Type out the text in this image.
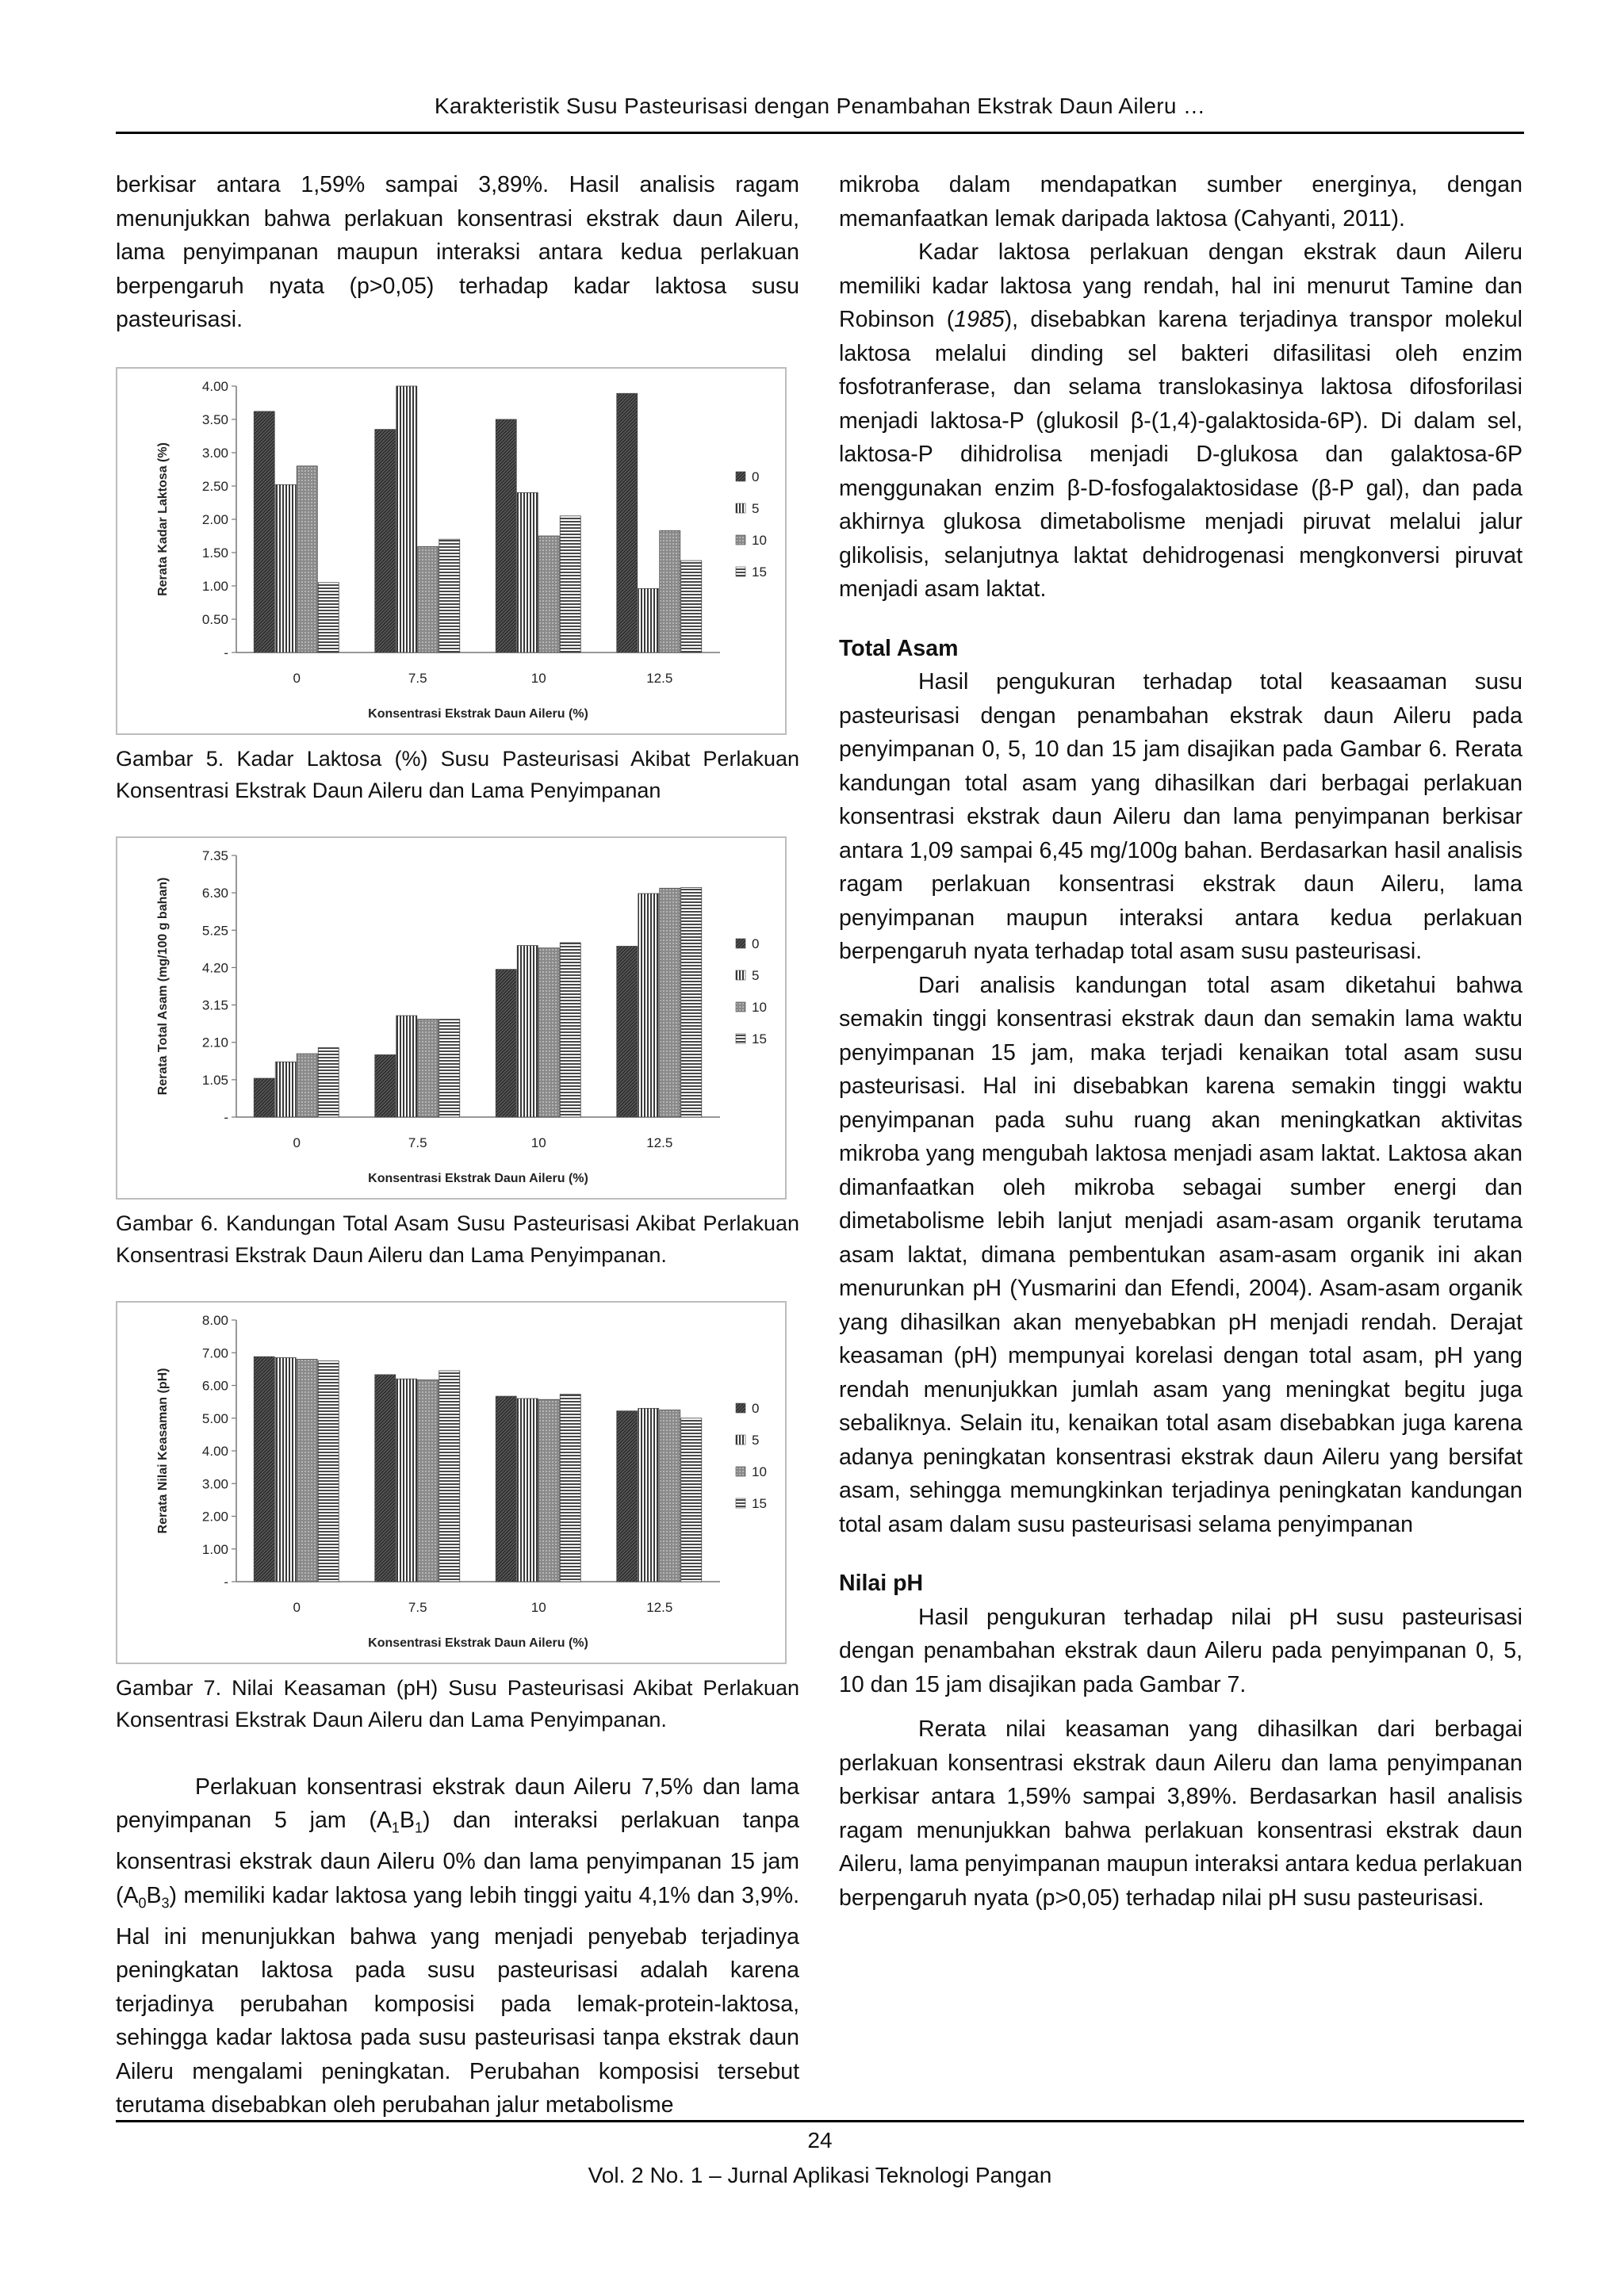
Karakteristik Susu Pasteurisasi dengan Penambahan Ekstrak Daun Aileru …

berkisar antara 1,59% sampai 3,89%. Hasil analisis ragam menunjukkan bahwa perlakuan konsentrasi ekstrak daun Aileru, lama penyimpanan maupun interaksi antara kedua perlakuan berpengaruh nyata (p>0,05) terhadap kadar laktosa susu pasteurisasi.

-
0.50
1.00
1.50
2.00
2.50
3.00
3.50
4.00
Rerata Kadar Laktosa (%)
0	7.5	10	12.5
Konsentrasi Ekstrak Daun Aileru (%)
0
5
10
15
Gambar 5. Kadar Laktosa (%) Susu Pasteurisasi Akibat Perlakuan Konsentrasi Ekstrak Daun Aileru dan Lama Penyimpanan
-
1.05
2.10
3.15
4.20
5.25
6.30
7.35
Rerata Total Asam (mg/100 g bahan)
0	7.5	10	12.5
Konsentrasi Ekstrak Daun Aileru (%)
0
5
10
15
Gambar 6. Kandungan Total Asam Susu Pasteurisasi Akibat Perlakuan Konsentrasi Ekstrak Daun Aileru dan Lama Penyimpanan.
-
1.00
2.00
3.00
4.00
5.00
6.00
7.00
8.00
Rerata Nilai Keasaman (pH)
0	7.5	10	12.5
Konsentrasi Ekstrak Daun Aileru (%)
0
5
10
15
Gambar 7. Nilai Keasaman (pH) Susu Pasteurisasi Akibat Perlakuan Konsentrasi Ekstrak Daun Aileru dan Lama Penyimpanan.

Perlakuan konsentrasi ekstrak daun Aileru 7,5% dan lama penyimpanan 5 jam $(A_1B_1)$ dan interaksi perlakuan tanpa konsentrasi ekstrak daun Aileru 0% dan lama penyimpanan 15 jam $(A_0B_3)$ memiliki kadar laktosa yang lebih tinggi yaitu 4,1% dan 3,9%. Hal ini menunjukkan bahwa yang menjadi penyebab terjadinya peningkatan laktosa pada susu pasteurisasi adalah karena terjadinya perubahan komposisi pada lemak-protein-laktosa, sehingga kadar laktosa pada susu pasteurisasi tanpa ekstrak daun Aileru mengalami peningkatan. Perubahan komposisi tersebut terutama disebabkan oleh perubahan jalur metabolisme

mikroba dalam mendapatkan sumber energinya, dengan memanfaatkan lemak daripada laktosa (Cahyanti, 2011).

Kadar laktosa perlakuan dengan ekstrak daun Aileru memiliki kadar laktosa yang rendah, hal ini menurut Tamine dan Robinson (1985), disebabkan karena terjadinya transpor molekul laktosa melalui dinding sel bakteri difasilitasi oleh enzim fosfotranferase, dan selama translokasinya laktosa difosforilasi menjadi laktosa-P (glukosil β-(1,4)-galaktosida-6P). Di dalam sel, laktosa-P dihidrolisa menjadi D-glukosa dan galaktosa-6P menggunakan enzim β-D-fosfogalaktosidase (β-P gal), dan pada akhirnya glukosa dimetabolisme menjadi piruvat melalui jalur glikolisis, selanjutnya laktat dehidrogenasi mengkonversi piruvat menjadi asam laktat.

Total Asam

Hasil pengukuran terhadap total keasaaman susu pasteurisasi dengan penambahan ekstrak daun Aileru pada penyimpanan 0, 5, 10 dan 15 jam disajikan pada Gambar 6. Rerata kandungan total asam yang dihasilkan dari berbagai perlakuan konsentrasi ekstrak daun Aileru dan lama penyimpanan berkisar antara 1,09 sampai 6,45 mg/100g bahan. Berdasarkan hasil analisis ragam perlakuan konsentrasi ekstrak daun Aileru, lama penyimpanan maupun interaksi antara kedua perlakuan berpengaruh nyata terhadap total asam susu pasteurisasi.

Dari analisis kandungan total asam diketahui bahwa semakin tinggi konsentrasi ekstrak daun dan semakin lama waktu penyimpanan 15 jam, maka terjadi kenaikan total asam susu pasteurisasi. Hal ini disebabkan karena semakin tinggi waktu penyimpanan pada suhu ruang akan meningkatkan aktivitas mikroba yang mengubah laktosa menjadi asam laktat. Laktosa akan dimanfaatkan oleh mikroba sebagai sumber energi dan dimetabolisme lebih lanjut menjadi asam-asam organik terutama asam laktat, dimana pembentukan asam-asam organik ini akan menurunkan pH (Yusmarini dan Efendi, 2004). Asam-asam organik yang dihasilkan akan menyebabkan pH menjadi rendah. Derajat keasaman (pH) mempunyai korelasi dengan total asam, pH yang rendah menunjukkan jumlah asam yang meningkat begitu juga sebaliknya. Selain itu, kenaikan total asam disebabkan juga karena adanya peningkatan konsentrasi ekstrak daun Aileru yang bersifat asam, sehingga memungkinkan terjadinya peningkatan kandungan total asam dalam susu pasteurisasi selama penyimpanan

Nilai pH

Hasil pengukuran terhadap nilai pH susu pasteurisasi dengan penambahan ekstrak daun Aileru pada penyimpanan 0, 5, 10 dan 15 jam disajikan pada Gambar 7.

Rerata nilai keasaman yang dihasilkan dari berbagai perlakuan konsentrasi ekstrak daun Aileru dan lama penyimpanan berkisar antara 1,59% sampai 3,89%. Berdasarkan hasil analisis ragam menunjukkan bahwa perlakuan konsentrasi ekstrak daun Aileru, lama penyimpanan maupun interaksi antara kedua perlakuan berpengaruh nyata (p>0,05) terhadap nilai pH susu pasteurisasi.

24
Vol. 2 No. 1 – Jurnal Aplikasi Teknologi Pangan
